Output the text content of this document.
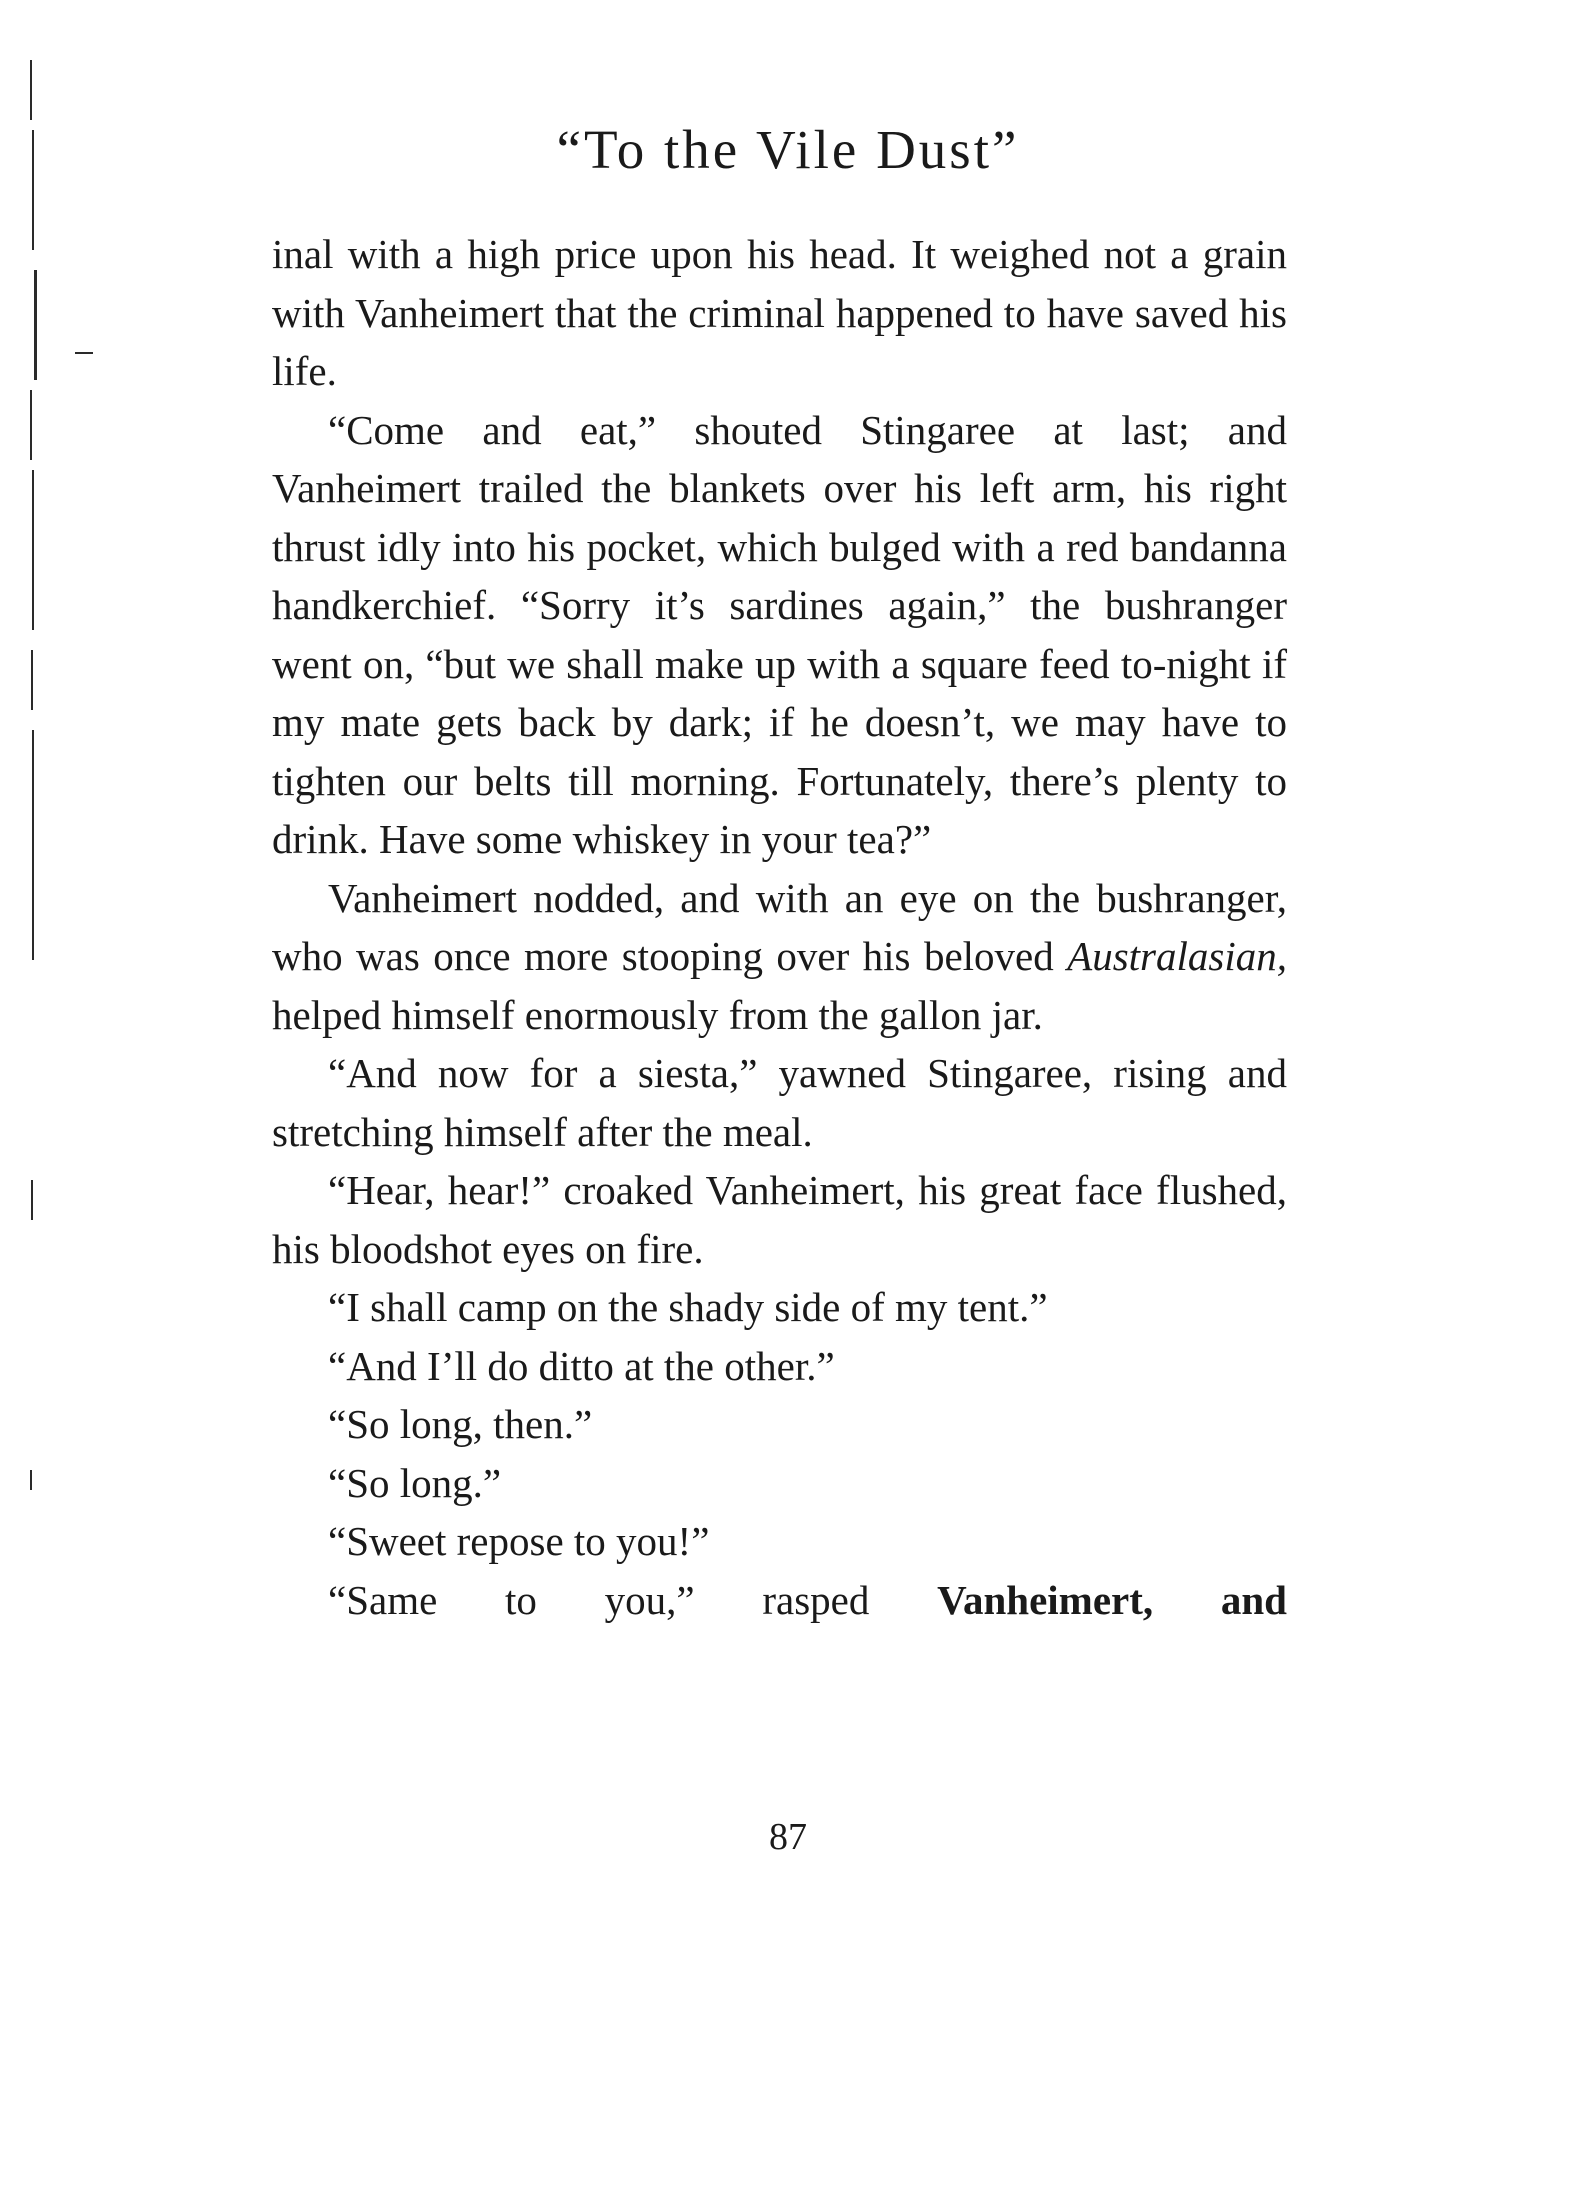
“To the Vile Dust”

inal with a high price upon his head. It weighed not a grain with Vanheimert that the criminal happened to have saved his life.

“Come and eat,” shouted Stingaree at last; and Vanheimert trailed the blankets over his left arm, his right thrust idly into his pocket, which bulged with a red bandanna handkerchief. “Sorry it’s sardines again,” the bushranger went on, “but we shall make up with a square feed to-night if my mate gets back by dark; if he doesn’t, we may have to tighten our belts till morning. Fortunately, there’s plenty to drink. Have some whiskey in your tea?”

Vanheimert nodded, and with an eye on the bushranger, who was once more stooping over his beloved Australasian, helped himself enormously from the gallon jar.

“And now for a siesta,” yawned Stingaree, rising and stretching himself after the meal.

“Hear, hear!” croaked Vanheimert, his great face flushed, his bloodshot eyes on fire.

“I shall camp on the shady side of my tent.”

“And I’ll do ditto at the other.”

“So long, then.”

“So long.”

“Sweet repose to you!”

“Same to you,” rasped Vanheimert, and

87
